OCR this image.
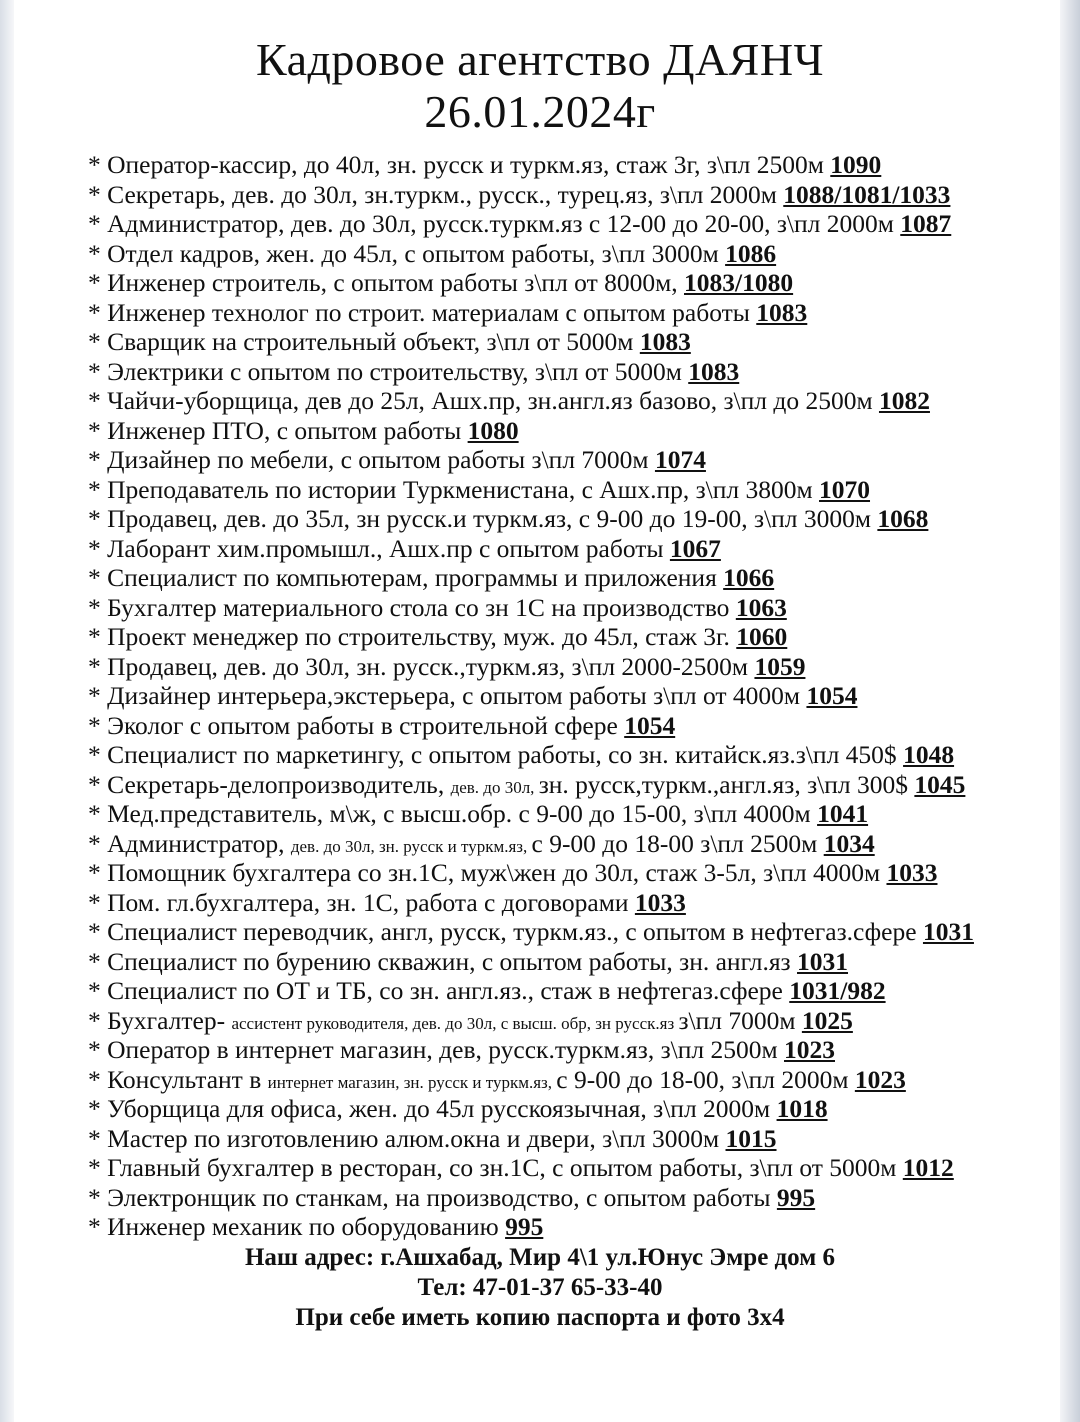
Кадровое агентство ДАЯНЧ
26.01.2024г
* Оператор-кассир, до 40л, зн. русск и туркм.яз, стаж 3г, з\пл 2500м 1090
* Секретарь, дев. до 30л, зн.туркм., русск., турец.яз, з\пл 2000м 1088/1081/1033
* Администратор, дев. до 30л, русск.туркм.яз с 12-00 до 20-00, з\пл 2000м 1087
* Отдел кадров, жен. до 45л, с опытом работы, з\пл 3000м 1086
* Инженер строитель, с опытом работы з\пл от 8000м, 1083/1080
* Инженер технолог по строит. материалам с опытом работы 1083
* Сварщик на строительный объект, з\пл от 5000м 1083
* Электрики с опытом по строительству, з\пл от 5000м 1083
* Чайчи-уборщица, дев до 25л, Ашх.пр, зн.англ.яз базово, з\пл до 2500м 1082
* Инженер ПТО, с опытом работы 1080
* Дизайнер по мебели, с опытом работы з\пл 7000м 1074
* Преподаватель по истории Туркменистана, с Ашх.пр, з\пл 3800м 1070
* Продавец, дев. до 35л, зн русск.и туркм.яз, с 9-00 до 19-00, з\пл 3000м 1068
* Лаборант хим.промышл., Ашх.пр с опытом работы 1067
* Специалист по компьютерам, программы и приложения 1066
* Бухгалтер материального стола со зн 1С на производство 1063
* Проект менеджер по строительству, муж. до 45л, стаж 3г. 1060
* Продавец, дев. до 30л, зн. русск.,туркм.яз, з\пл 2000-2500м 1059
* Дизайнер интерьера,экстерьера, с опытом работы з\пл от 4000м 1054
* Эколог с опытом работы в строительной сфере 1054
* Специалист по маркетингу, с опытом работы, со зн. китайск.яз.з\пл 450$ 1048
* Секретарь-делопроизводитель, дев. до 30л, зн. русск,туркм.,англ.яз, з\пл 300$ 1045
* Мед.представитель, м\ж, с высш.обр. с 9-00 до 15-00, з\пл 4000м 1041
* Администратор, дев. до 30л, зн. русск и туркм.яз, с 9-00 до 18-00 з\пл 2500м 1034
* Помощник бухгалтера со зн.1С, муж\жен до 30л, стаж 3-5л, з\пл 4000м 1033
* Пом. гл.бухгалтера, зн. 1С, работа с договорами 1033
* Специалист переводчик, англ, русск, туркм.яз., с опытом в нефтегаз.сфере 1031
* Специалист по бурению скважин, с опытом работы, зн. англ.яз 1031
* Специалист по ОТ и ТБ, со зн. англ.яз., стаж в нефтегаз.сфере 1031/982
* Бухгалтер- ассистент руководителя, дев. до 30л, с высш. обр, зн русск.яз з\пл 7000м 1025
* Оператор в интернет магазин, дев, русск.туркм.яз, з\пл 2500м 1023
* Консультант в интернет магазин, зн. русск и туркм.яз, с 9-00 до 18-00, з\пл 2000м 1023
* Уборщица для офиса, жен. до 45л русскоязычная, з\пл 2000м 1018
* Мастер по изготовлению алюм.окна и двери, з\пл 3000м 1015
* Главный бухгалтер в ресторан, со зн.1С, с опытом работы, з\пл от 5000м 1012
* Электронщик по станкам, на производство, с опытом работы 995
* Инженер механик по оборудованию 995
Наш адрес: г.Ашхабад, Мир 4\1 ул.Юнус Эмре дом 6
Тел: 47-01-37 65-33-40
При себе иметь копию паспорта и фото 3х4
